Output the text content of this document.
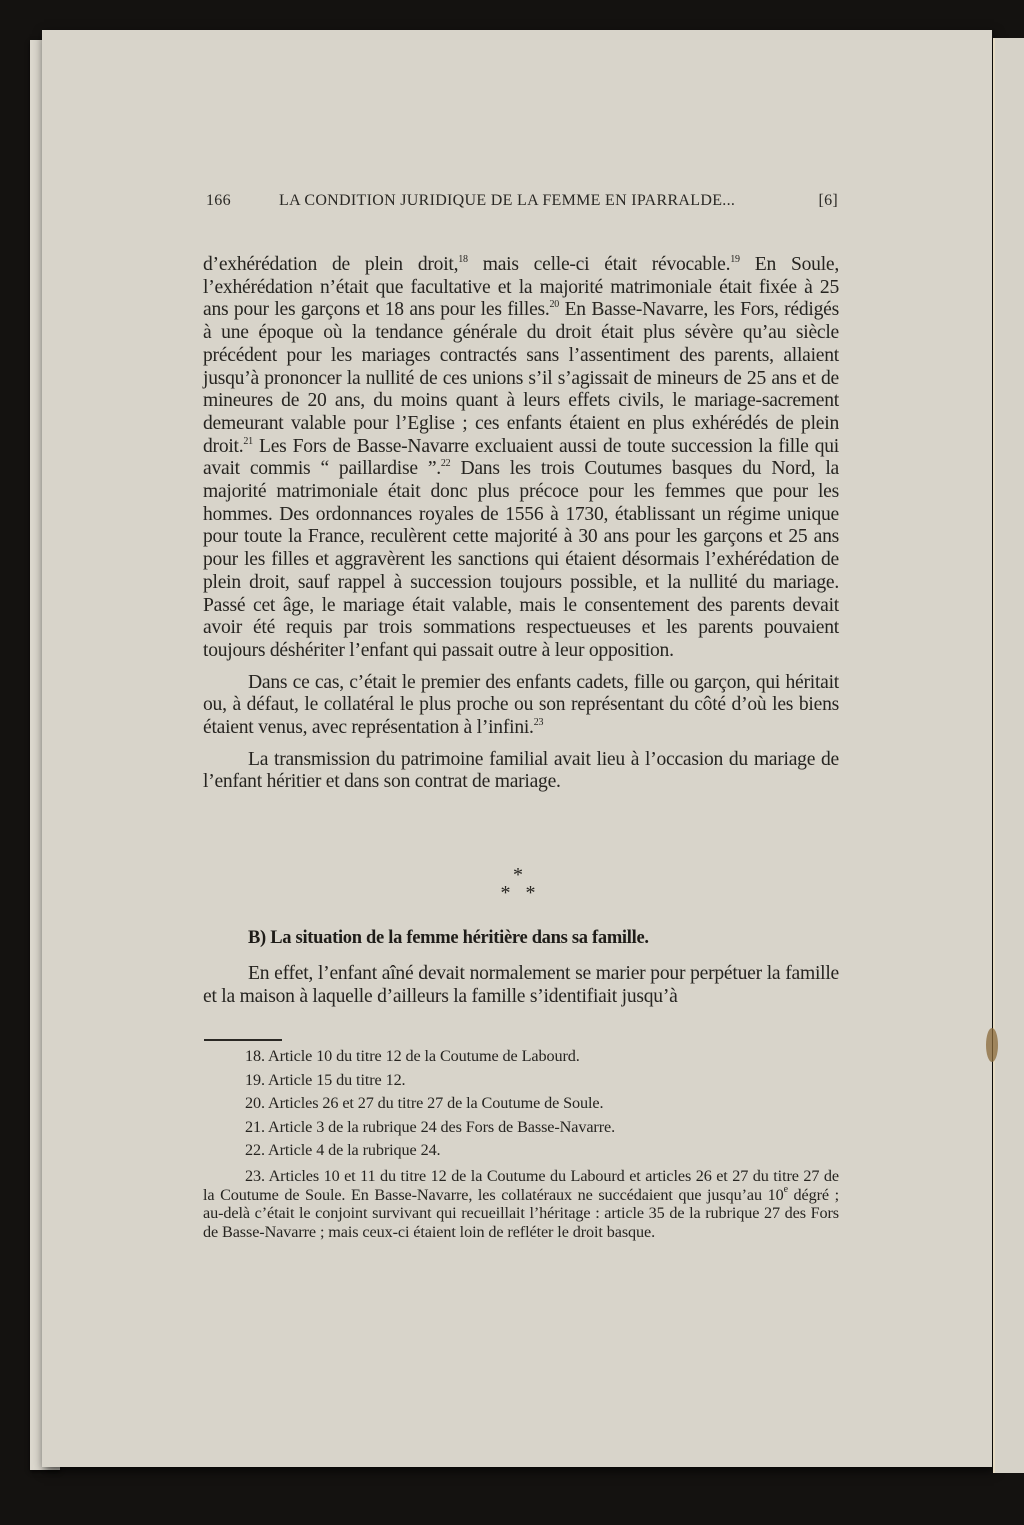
166	LA CONDITION JURIDIQUE DE LA FEMME EN IPARRALDE...	[6]

d’exhérédation de plein droit,$^{18}$ mais celle-ci était révocable.$^{19}$ En Soule, l’exhérédation n’était que facultative et la majorité matrimoniale était fixée à 25 ans pour les garçons et 18 ans pour les filles.$^{20}$ En Basse-Navarre, les Fors, rédigés à une époque où la tendance générale du droit était plus sévère qu’au siècle précédent pour les mariages contractés sans l’assentiment des parents, allaient jusqu’à prononcer la nullité de ces unions s’il s’agissait de mineurs de 25 ans et de mineures de 20 ans, du moins quant à leurs effets civils, le mariage-sacrement demeurant valable pour l’Eglise ; ces enfants étaient en plus exhérédés de plein droit.$^{21}$ Les Fors de Basse-Navarre excluaient aussi de toute succession la fille qui avait commis “ paillardise ”.$^{22}$ Dans les trois Coutumes basques du Nord, la majorité matrimoniale était donc plus précoce pour les femmes que pour les hommes. Des ordonnances royales de 1556 à 1730, établissant un régime unique pour toute la France, reculèrent cette majorité à 30 ans pour les garçons et 25 ans pour les filles et aggravèrent les sanctions qui étaient désormais l’exhérédation de plein droit, sauf rappel à succession toujours possible, et la nullité du mariage. Passé cet âge, le mariage était valable, mais le consentement des parents devait avoir été requis par trois sommations respectueuses et les parents pouvaient toujours déshériter l’enfant qui passait outre à leur opposition.

Dans ce cas, c’était le premier des enfants cadets, fille ou garçon, qui héritait ou, à défaut, le collatéral le plus proche ou son représentant du côté d’où les biens étaient venus, avec représentation à l’infini.$^{23}$

La transmission du patrimoine familial avait lieu à l’occasion du mariage de l’enfant héritier et dans son contrat de mariage.

*
*   *
B) La situation de la femme héritière dans sa famille.

En effet, l’enfant aîné devait normalement se marier pour perpétuer la famille et la maison à laquelle d’ailleurs la famille s’identifiait jusqu’à

18. Article 10 du titre 12 de la Coutume de Labourd.

19. Article 15 du titre 12.

20. Articles 26 et 27 du titre 27 de la Coutume de Soule.

21. Article 3 de la rubrique 24 des Fors de Basse-Navarre.

22. Article 4 de la rubrique 24.

23. Articles 10 et 11 du titre 12 de la Coutume du Labourd et articles 26 et 27 du titre 27 de la Coutume de Soule. En Basse-Navarre, les collatéraux ne succédaient que jusqu’au 10e dégré ; au-delà c’était le conjoint survivant qui recueillait l’héritage : article 35 de la rubrique 27 des Fors de Basse-Navarre ; mais ceux-ci étaient loin de refléter le droit basque.
